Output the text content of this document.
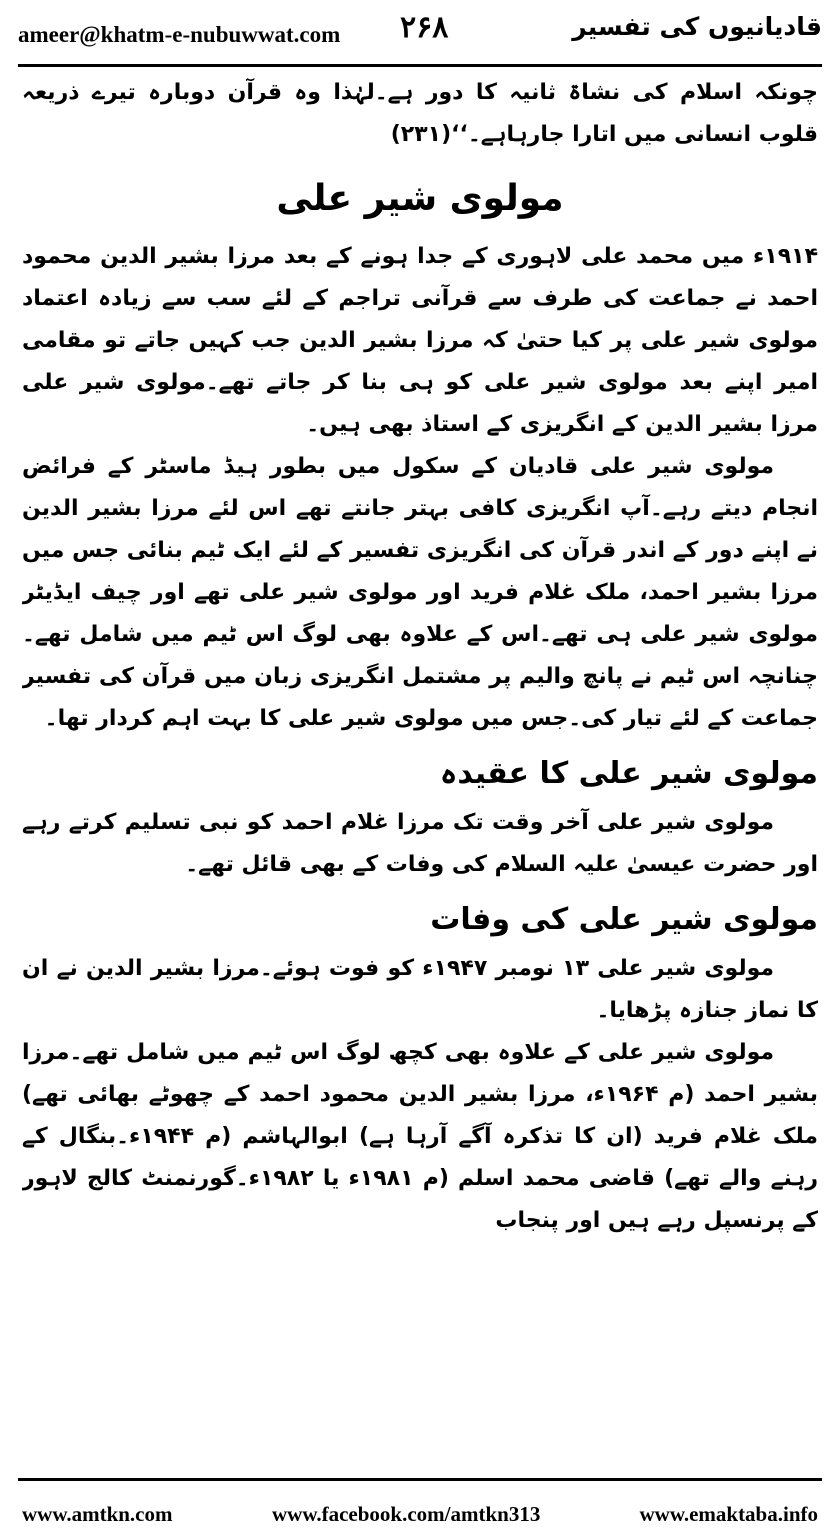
ameer@khatm-e-nubuwwat.com ۲۶۸	قادیانیوں کی تفسیر

چونکہ اسلام کی نشاۃ ثانیہ کا دور ہے۔لہٰذا وہ قرآن دوبارہ تیرے ذریعہ قلوب انسانی میں اتارا جارہاہے۔‘‘(۲۳۱)

مولوی شیر علی

۱۹۱۴ء میں محمد علی لاہوری کے جدا ہونے کے بعد مرزا بشیر الدین محمود احمد نے جماعت کی طرف سے قرآنی تراجم کے لئے سب سے زیادہ اعتماد مولوی شیر علی پر کیا حتیٰ کہ مرزا بشیر الدین جب کہیں جاتے تو مقامی امیر اپنے بعد مولوی شیر علی کو ہی بنا کر جاتے تھے۔مولوی شیر علی مرزا بشیر الدین کے انگریزی کے استاذ بھی ہیں۔

مولوی شیر علی قادیان کے سکول میں بطور ہیڈ ماسٹر کے فرائض انجام دیتے رہے۔آپ انگریزی کافی بہتر جانتے تھے اس لئے مرزا بشیر الدین نے اپنے دور کے اندر قرآن کی انگریزی تفسیر کے لئے ایک ٹیم بنائی جس میں مرزا بشیر احمد، ملک غلام فرید اور مولوی شیر علی تھے اور چیف ایڈیٹر مولوی شیر علی ہی تھے۔اس کے علاوہ بھی لوگ اس ٹیم میں شامل تھے۔چنانچہ اس ٹیم نے پانچ والیم پر مشتمل انگریزی زبان میں قرآن کی تفسیر جماعت کے لئے تیار کی۔جس میں مولوی شیر علی کا بہت اہم کردار تھا۔

مولوی شیر علی کا عقیدہ

مولوی شیر علی آخر وقت تک مرزا غلام احمد کو نبی تسلیم کرتے رہے اور حضرت عیسیٰ علیہ السلام کی وفات کے بھی قائل تھے۔

مولوی شیر علی کی وفات

مولوی شیر علی ۱۳ نومبر ۱۹۴۷ء کو فوت ہوئے۔مرزا بشیر الدین نے ان کا نماز جنازہ پڑھایا۔

مولوی شیر علی کے علاوہ بھی کچھ لوگ اس ٹیم میں شامل تھے۔مرزا بشیر احمد (م ۱۹۶۴ء، مرزا بشیر الدین محمود احمد کے چھوٹے بھائی تھے) ملک غلام فرید (ان کا تذکرہ آگے آرہا ہے) ابوالہاشم (م ۱۹۴۴ء۔بنگال کے رہنے والے تھے) قاضی محمد اسلم (م ۱۹۸۱ء یا ۱۹۸۲ء۔گورنمنٹ کالج لاہور کے پرنسپل رہے ہیں اور پنجاب

www.amtkn.com	www.facebook.com/amtkn313	www.emaktaba.info
